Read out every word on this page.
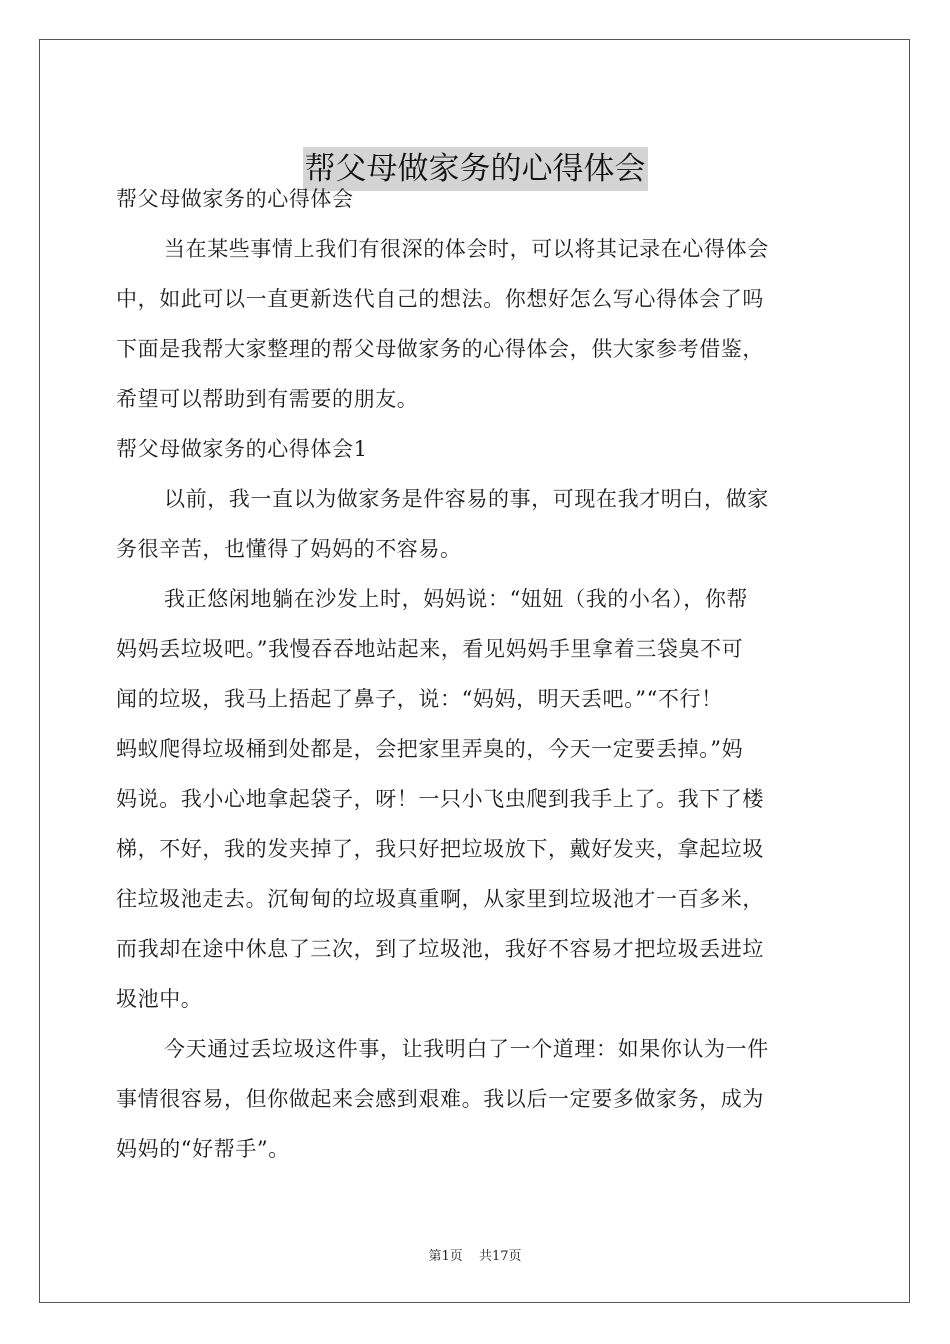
帮父母做家务的心得体会
帮父母做家务的心得体会
当在某些事情上我们有很深的体会时，可以将其记录在心得体会
中，如此可以一直更新迭代自己的想法。你想好怎么写心得体会了吗
下面是我帮大家整理的帮父母做家务的心得体会，供大家参考借鉴，
希望可以帮助到有需要的朋友。
帮父母做家务的心得体会1
以前，我一直以为做家务是件容易的事，可现在我才明白，做家
务很辛苦，也懂得了妈妈的不容易。
我正悠闲地躺在沙发上时，妈妈说：“妞妞（我的小名），你帮
妈妈丢垃圾吧。”我慢吞吞地站起来，看见妈妈手里拿着三袋臭不可
闻的垃圾，我马上捂起了鼻子，说：“妈妈，明天丢吧。”“不行！
蚂蚁爬得垃圾桶到处都是，会把家里弄臭的，今天一定要丢掉。”妈
妈说。我小心地拿起袋子，呀！一只小飞虫爬到我手上了。我下了楼
梯，不好，我的发夹掉了，我只好把垃圾放下，戴好发夹，拿起垃圾
往垃圾池走去。沉甸甸的垃圾真重啊，从家里到垃圾池才一百多米，
而我却在途中休息了三次，到了垃圾池，我好不容易才把垃圾丢进垃
圾池中。
今天通过丢垃圾这件事，让我明白了一个道理：如果你认为一件
事情很容易，但你做起来会感到艰难。我以后一定要多做家务，成为
妈妈的“好帮手”。
第1页 共17页
